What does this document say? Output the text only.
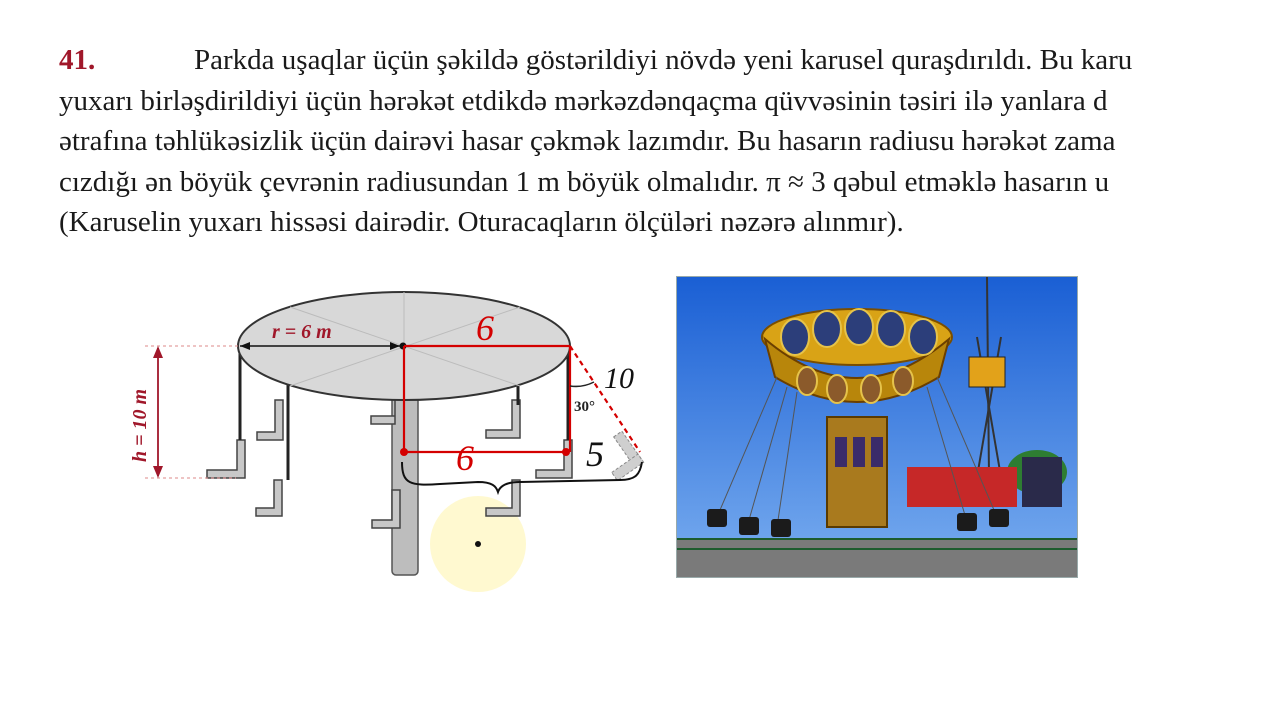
41.	Parkda uşaqlar üçün şəkildə göstərildiyi növdə yeni karusel quraşdırıldı. Bu karu
yuxarı birləşdirildiyi üçün hərəkət etdikdə mərkəzdənqaçma qüvvəsinin təsiri ilə yanlara d
ətrafına təhlükəsizlik üçün dairəvi hasar çəkmək lazımdır. Bu hasarın radiusu hərəkət zama
cızdığı ən böyük çevrənin radiusundan 1 m böyük olmalıdır. π ≈ 3 qəbul etməklə hasarın u
(Karuselin yuxarı hissəsi dairədir. Oturacaqların ölçüləri nəzərə alınmır).
r = 6 m
h = 10 m	30°
6
6
10
5
